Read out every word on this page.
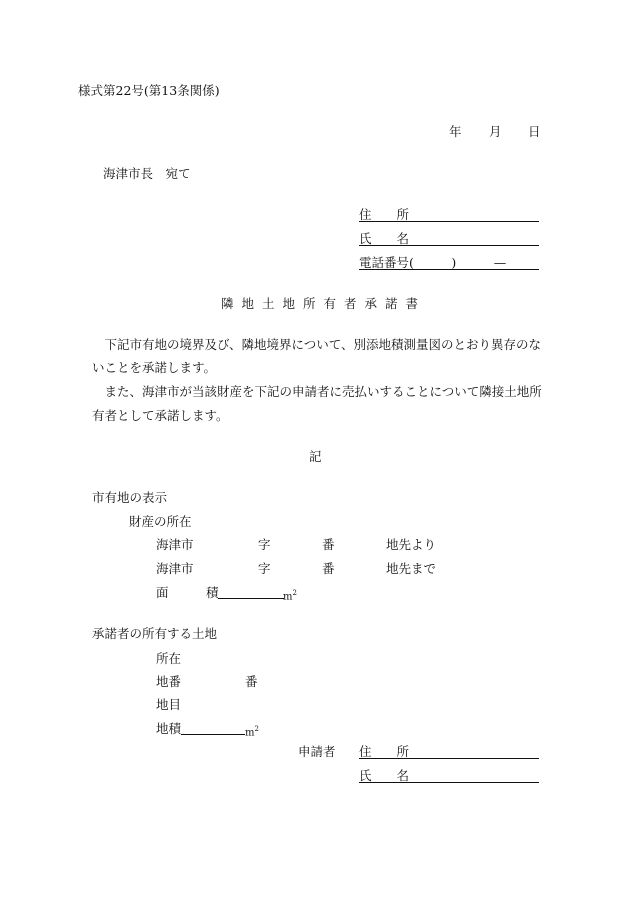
様式第22号(第13条関係)
年 月 日
海津市長　宛て
住　　所
氏　　名
電話番号(　　　)　　　—
隣地土地所有者承諾書
　下記市有地の境界及び、隣地境界について、別添地積測量図のとおり異存のな
いことを承諾します。
　また、海津市が当該財産を下記の申請者に売払いすることについて隣接土地所
有者として承諾します。
記
市有地の表示
財産の所在
海津市	字	番	地先より
海津市	字	番	地先まで
面	積	$m^2$
承諾者の所有する土地
所在
地番	番
地目
地積	$m^2$
申請者 住　　所
氏　　名
